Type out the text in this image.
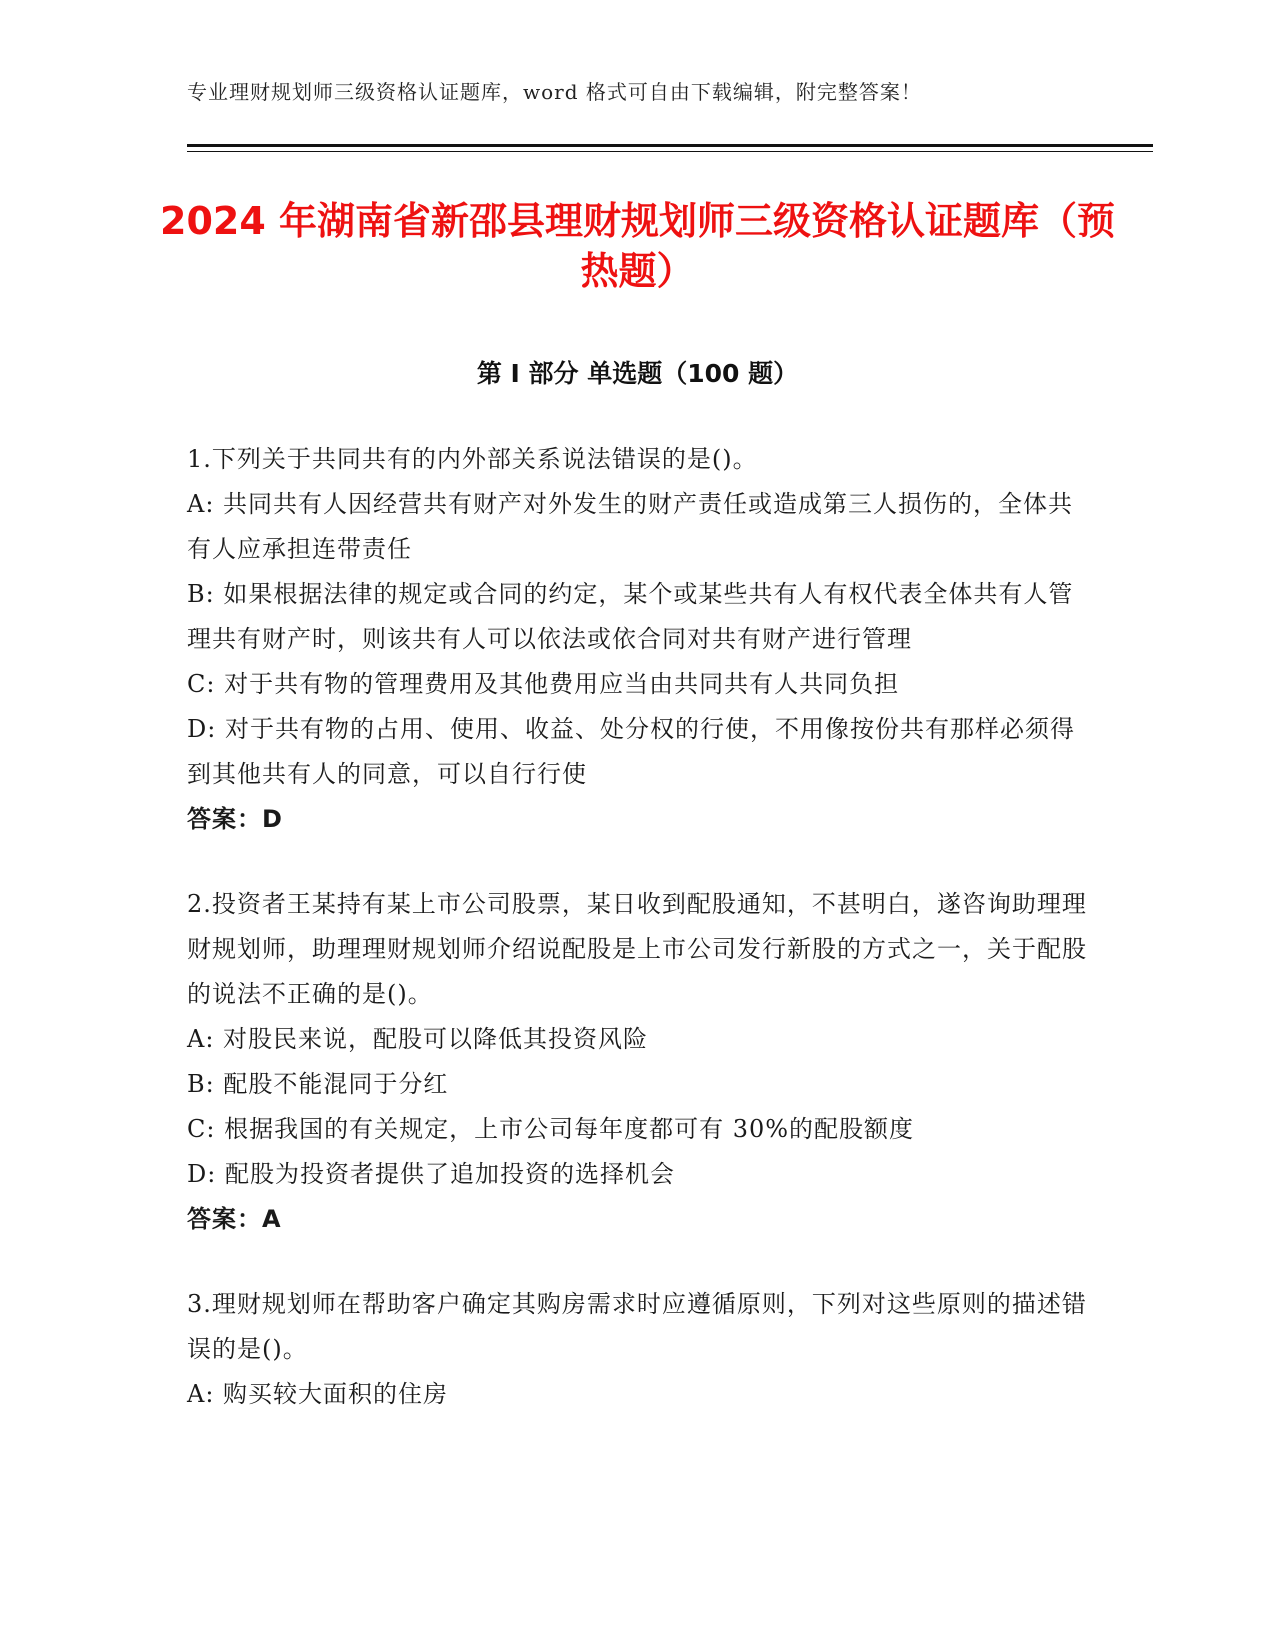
专业理财规划师三级资格认证题库，word 格式可自由下载编辑，附完整答案！
2024 年湖南省新邵县理财规划师三级资格认证题库（预热题）
第 I 部分 单选题（100 题）

1.下列关于共同共有的内外部关系说法错误的是()。

A: 共同共有人因经营共有财产对外发生的财产责任或造成第三人损伤的，全体共有人应承担连带责任

B: 如果根据法律的规定或合同的约定，某个或某些共有人有权代表全体共有人管理共有财产时，则该共有人可以依法或依合同对共有财产进行管理

C: 对于共有物的管理费用及其他费用应当由共同共有人共同负担

D: 对于共有物的占用、使用、收益、处分权的行使，不用像按份共有那样必须得到其他共有人的同意，可以自行行使

答案：D

2.投资者王某持有某上市公司股票，某日收到配股通知，不甚明白，遂咨询助理理财规划师，助理理财规划师介绍说配股是上市公司发行新股的方式之一，关于配股的说法不正确的是()。

A: 对股民来说，配股可以降低其投资风险

B: 配股不能混同于分红

C: 根据我国的有关规定，上市公司每年度都可有 30%的配股额度

D: 配股为投资者提供了追加投资的选择机会

答案：A

3.理财规划师在帮助客户确定其购房需求时应遵循原则，下列对这些原则的描述错误的是()。

A: 购买较大面积的住房
